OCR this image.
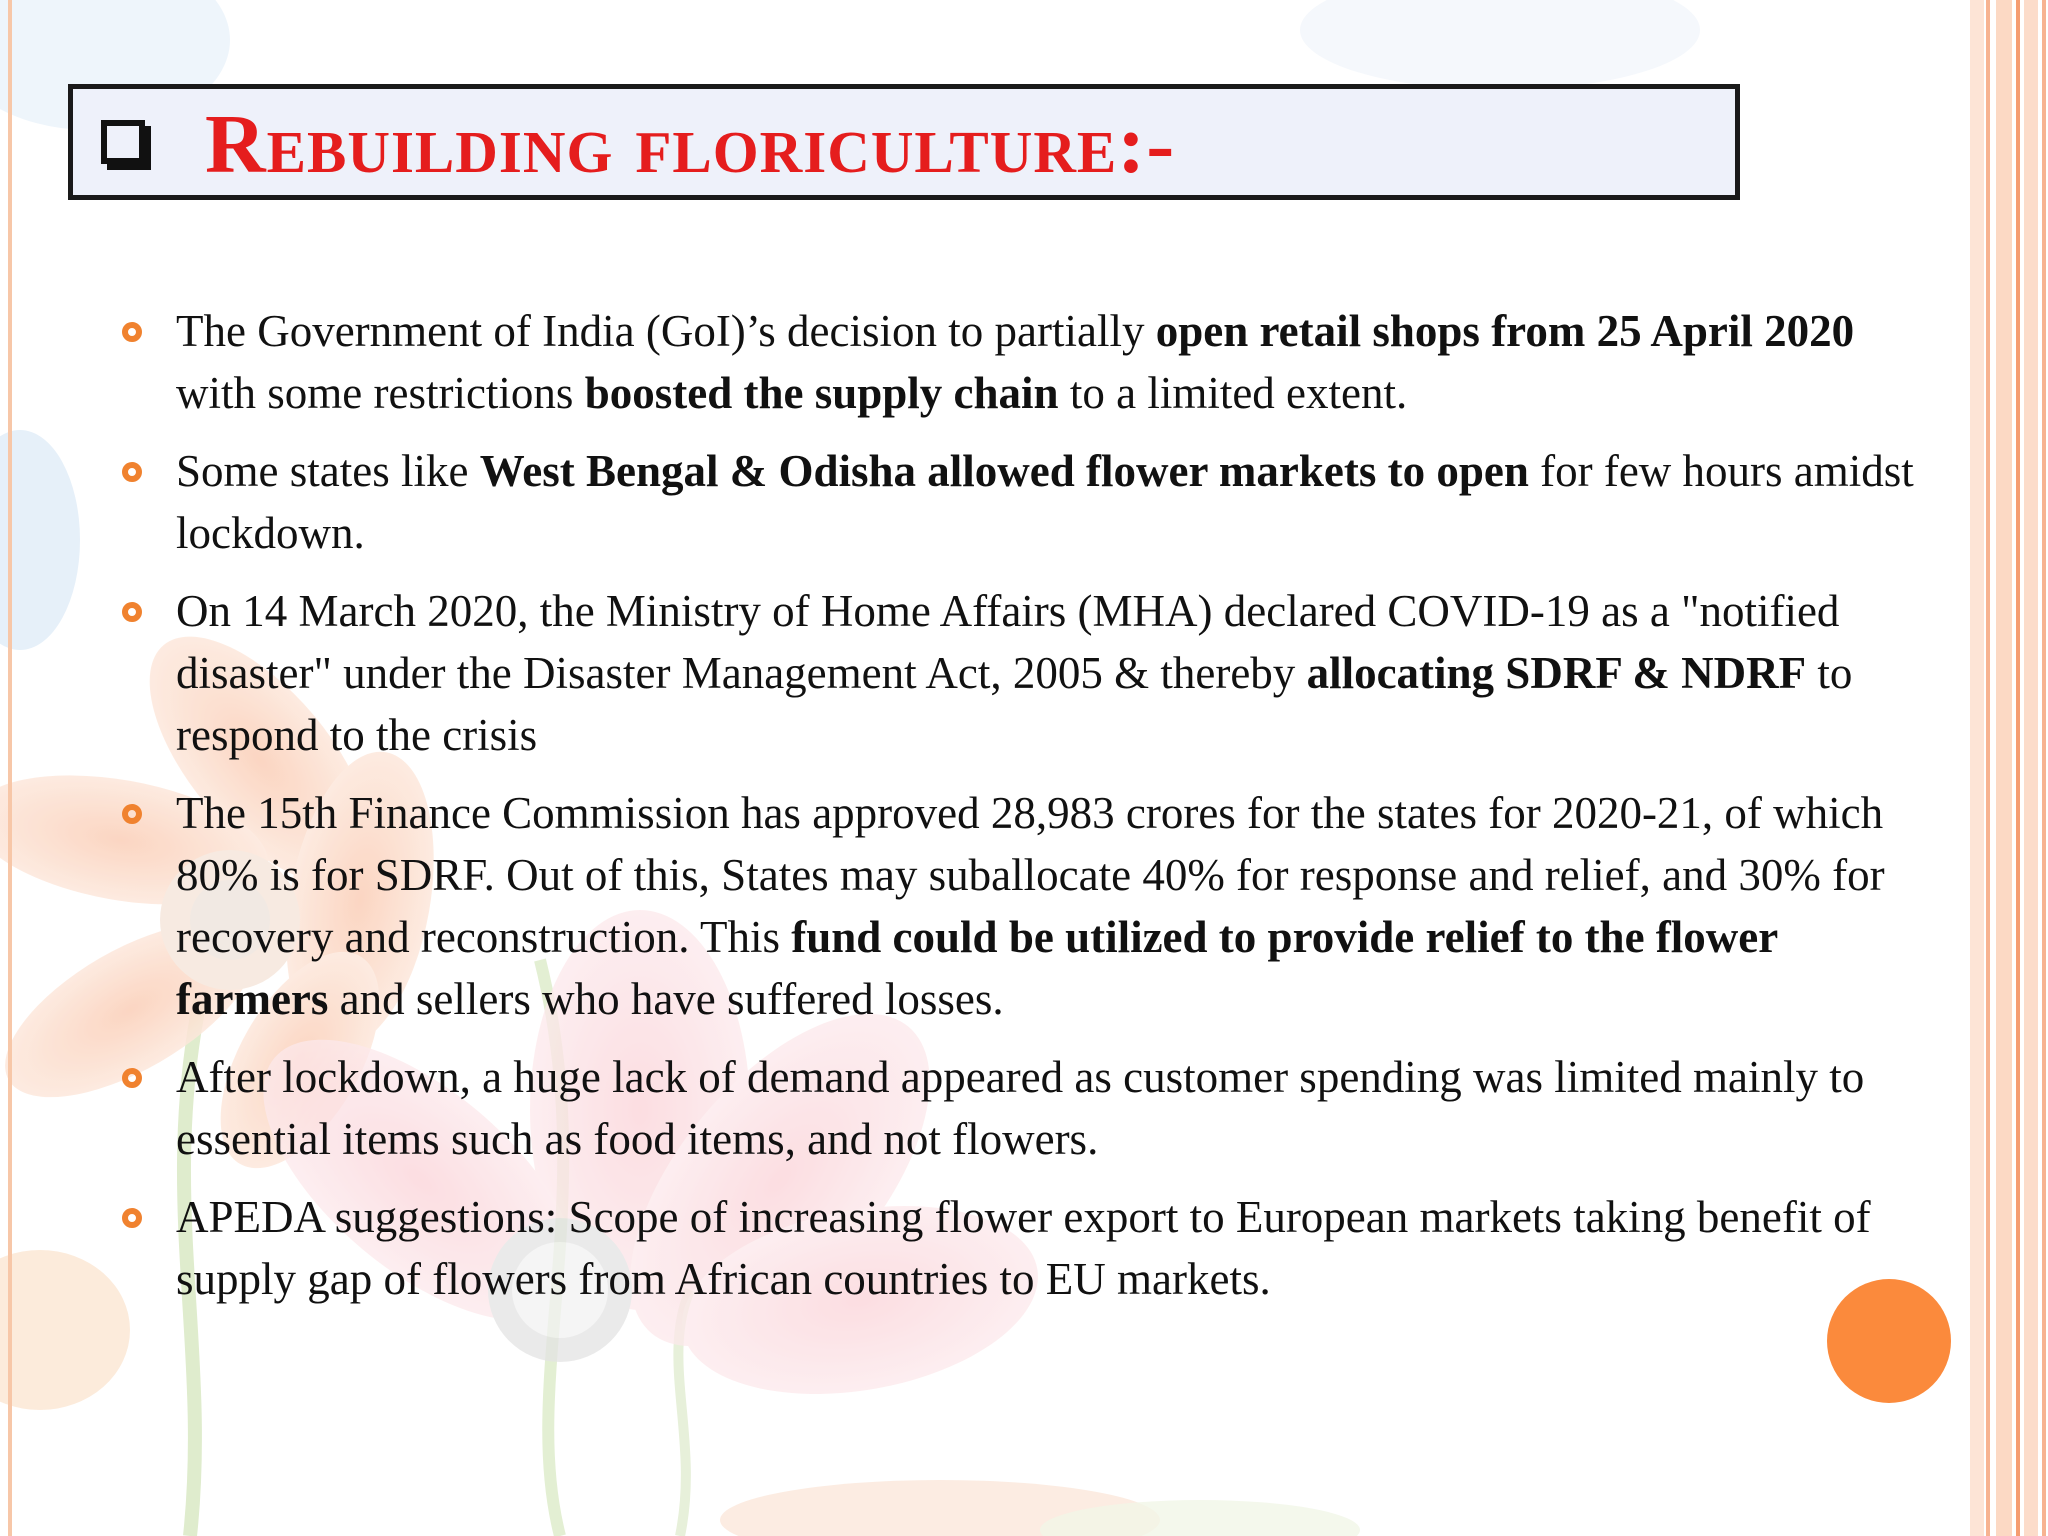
Rebuilding floriculture:-
The Government of India (GoI)’s decision to partially open retail shops from 25 April 2020 with some restrictions boosted the supply chain to a limited extent.
Some states like West Bengal & Odisha allowed flower markets to open for few hours amidst lockdown.
On 14 March 2020, the Ministry of Home Affairs (MHA) declared COVID-19 as a "notified disaster" under the Disaster Management Act, 2005 & thereby allocating SDRF & NDRF to respond to the crisis
The 15th Finance Commission has approved 28,983 crores for the states for 2020-21, of which 80% is for SDRF. Out of this, States may suballocate 40% for response and relief, and 30% for recovery and reconstruction. This fund could be utilized to provide relief to the flower farmers and sellers who have suffered losses.
After lockdown, a huge lack of demand appeared as customer spending was limited mainly to essential items such as food items, and not flowers.
APEDA suggestions: Scope of increasing flower export to European markets taking benefit of supply gap of flowers from African countries to EU markets.
